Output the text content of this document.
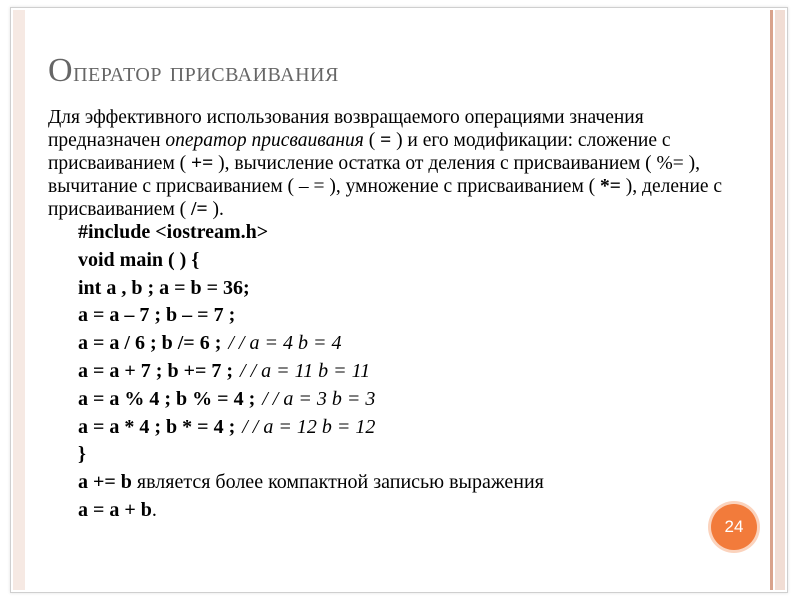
Оператор присваивания
Для эффективного использования возвращаемого операциями значения предназначен оператор присваивания ( = ) и его модификации: сложение с присваиванием ( += ), вычисление остатка от деления с присваиванием ( %= ), вычитание с присваиванием ( – = ), умножение с присваиванием ( *= ), деление с присваиванием ( /= ).
#include <iostream.h>
void main ( ) {
int a , b ; a = b = 36;
a = a – 7 ; b – = 7 ;
a = a / 6 ; b /= 6 ; / / a = 4 b = 4
a = a + 7 ; b += 7 ; / / a = 11 b = 11
a = a % 4 ; b % = 4 ; / / a = 3 b = 3
a = a * 4 ; b * = 4 ; / / a = 12 b = 12
}
a += b является более компактной записью выражения
a = a + b.
24
